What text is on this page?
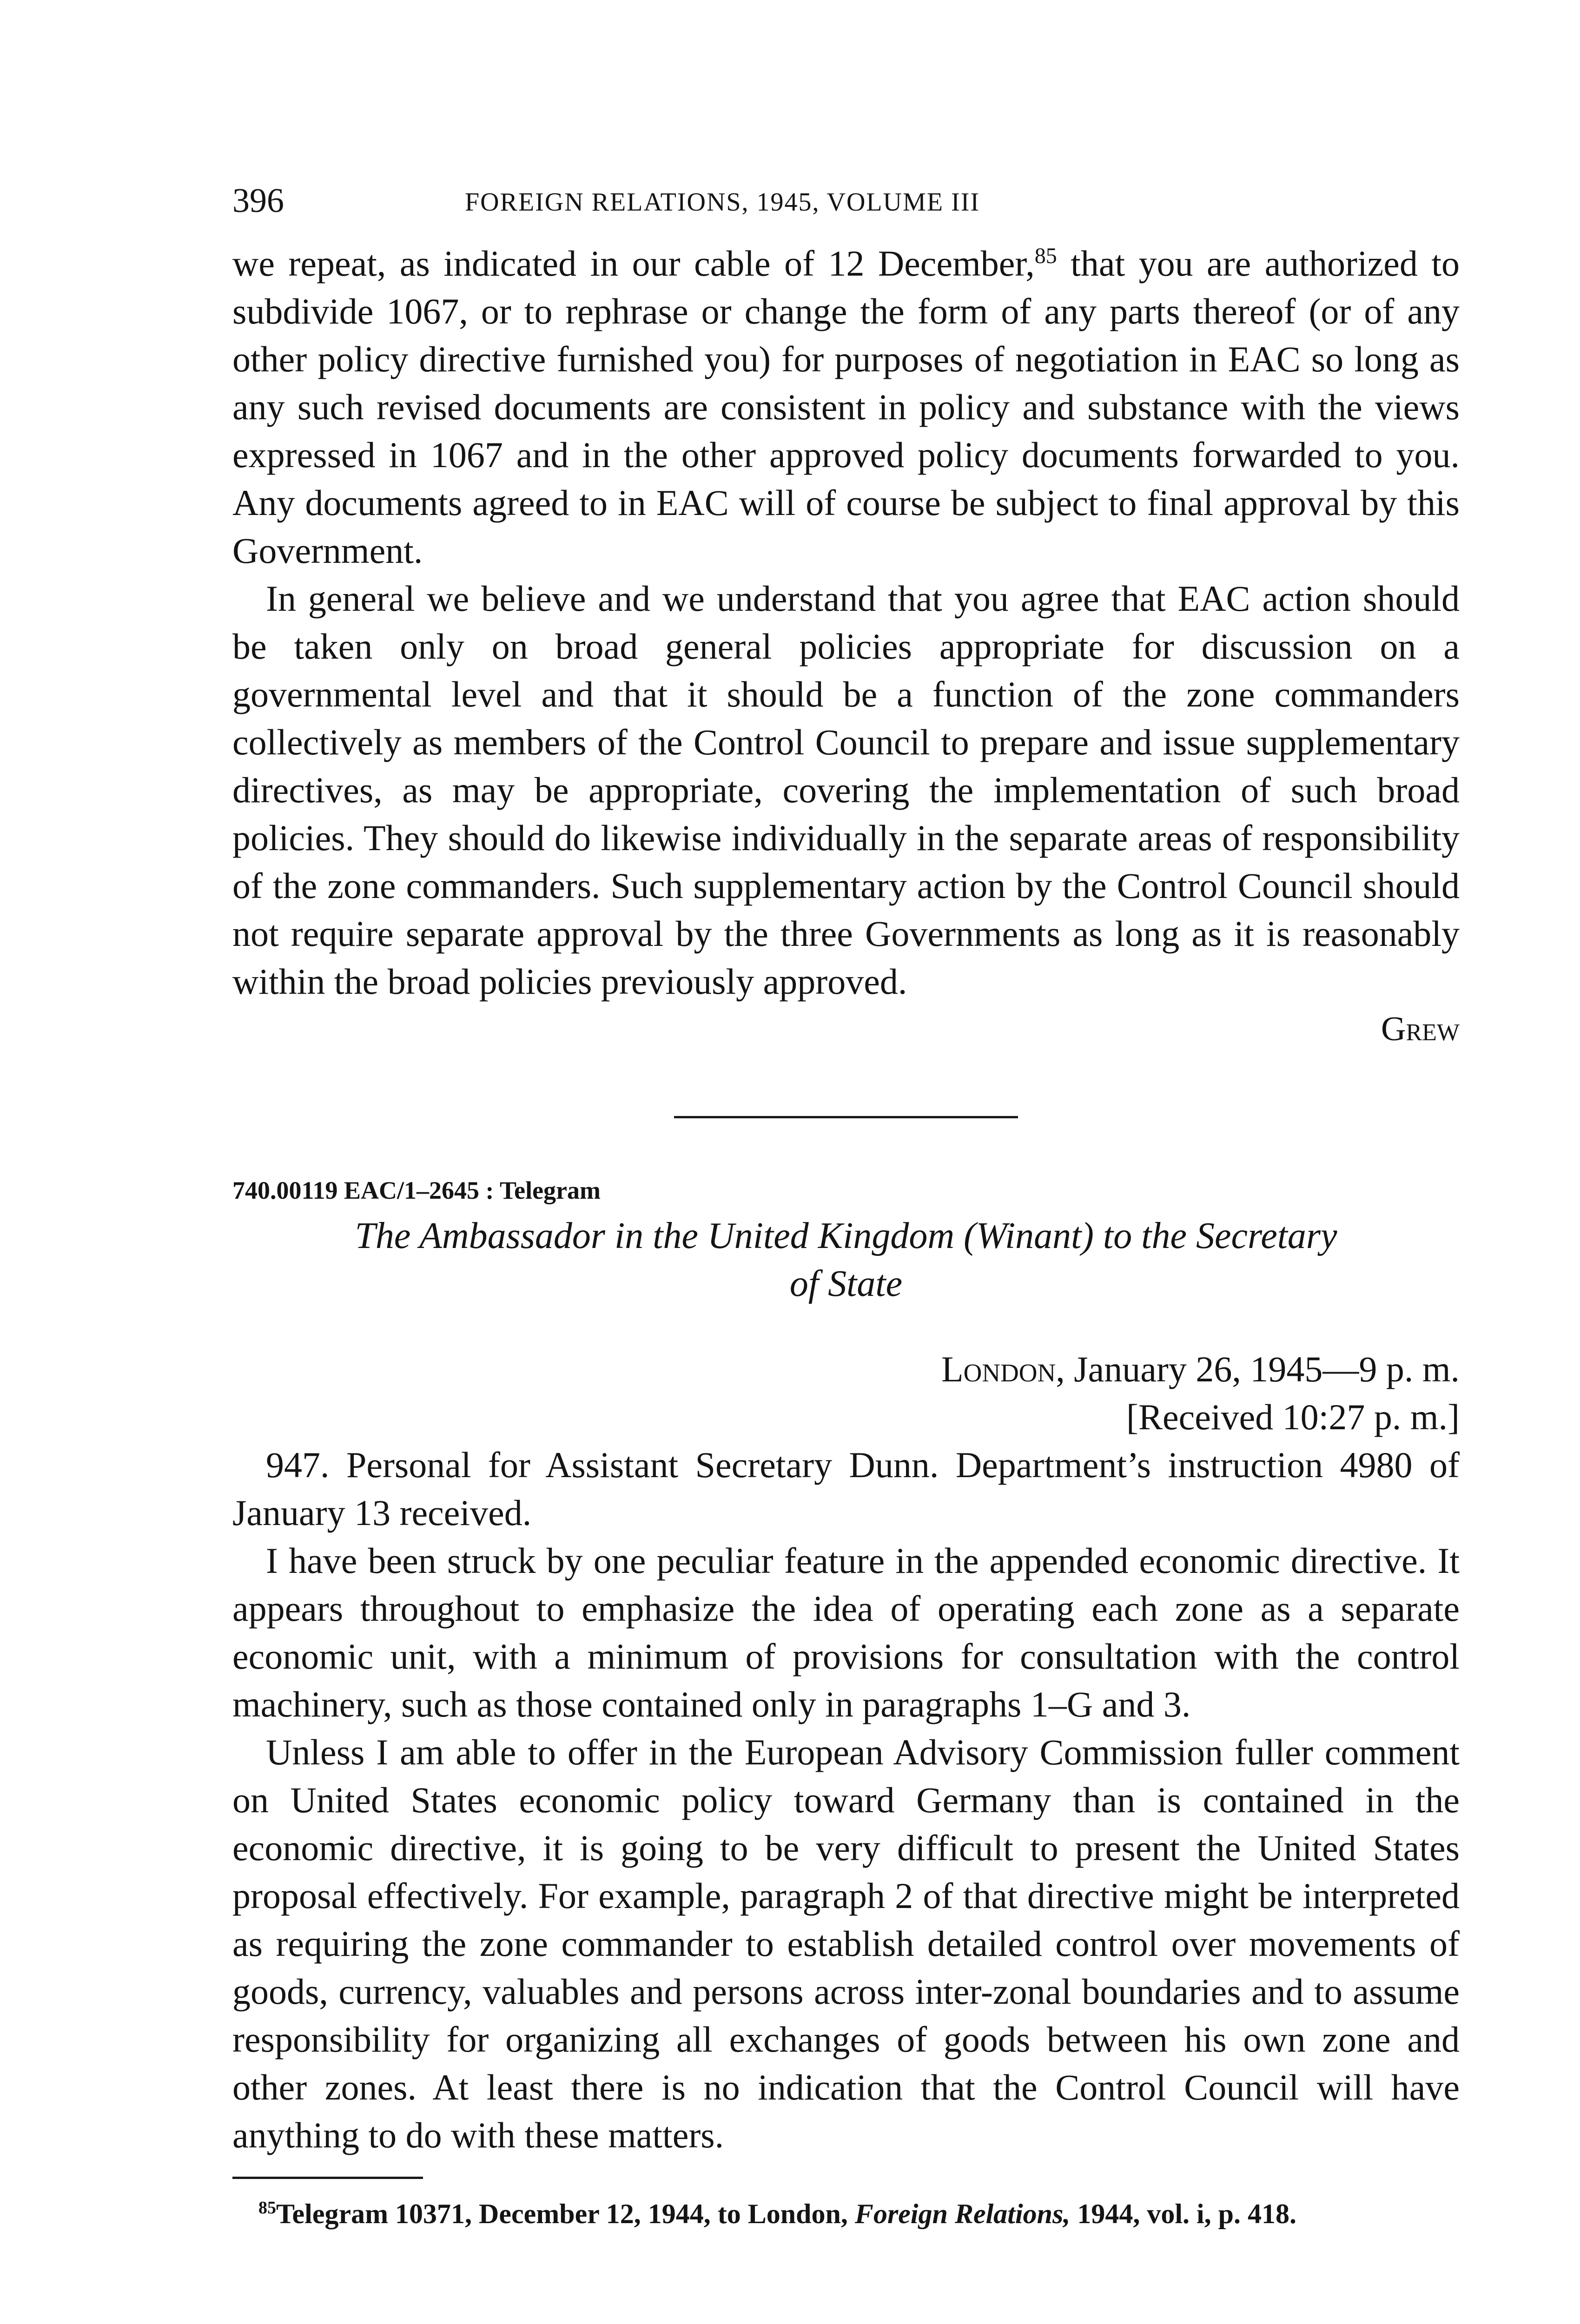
396	FOREIGN RELATIONS, 1945, VOLUME III

we repeat, as indicated in our cable of 12 December,$^{85}$ that you are authorized to subdivide 1067, or to rephrase or change the form of any parts thereof (or of any other policy directive furnished you) for purposes of negotiation in EAC so long as any such revised documents are consistent in policy and substance with the views expressed in 1067 and in the other approved policy documents forwarded to you. Any documents agreed to in EAC will of course be subject to final approval by this Government.

In general we believe and we understand that you agree that EAC action should be taken only on broad general policies appropriate for discussion on a governmental level and that it should be a function of the zone commanders collectively as members of the Control Council to prepare and issue supplementary directives, as may be appropriate, covering the implementation of such broad policies. They should do likewise individually in the separate areas of responsibility of the zone commanders. Such supplementary action by the Control Council should not require separate approval by the three Governments as long as it is reasonably within the broad policies previously approved.

Grew
740.00119 EAC/1–2645 : Telegram
The Ambassador in the United Kingdom (Winant) to the Secretary
of State
London, January 26, 1945—9 p. m.
[Received 10:27 p. m.]

947. Personal for Assistant Secretary Dunn. Department’s instruction 4980 of January 13 received.

I have been struck by one peculiar feature in the appended economic directive. It appears throughout to emphasize the idea of operating each zone as a separate economic unit, with a minimum of provisions for consultation with the control machinery, such as those contained only in paragraphs 1–G and 3.

Unless I am able to offer in the European Advisory Commission fuller comment on United States economic policy toward Germany than is contained in the economic directive, it is going to be very difficult to present the United States proposal effectively. For example, paragraph 2 of that directive might be interpreted as requiring the zone commander to establish detailed control over movements of goods, currency, valuables and persons across inter-zonal boundaries and to assume responsibility for organizing all exchanges of goods between his own zone and other zones. At least there is no indication that the Control Council will have anything to do with these matters.

$^{85}$Telegram 10371, December 12, 1944, to London, Foreign Relations, 1944, vol. i, p. 418.
